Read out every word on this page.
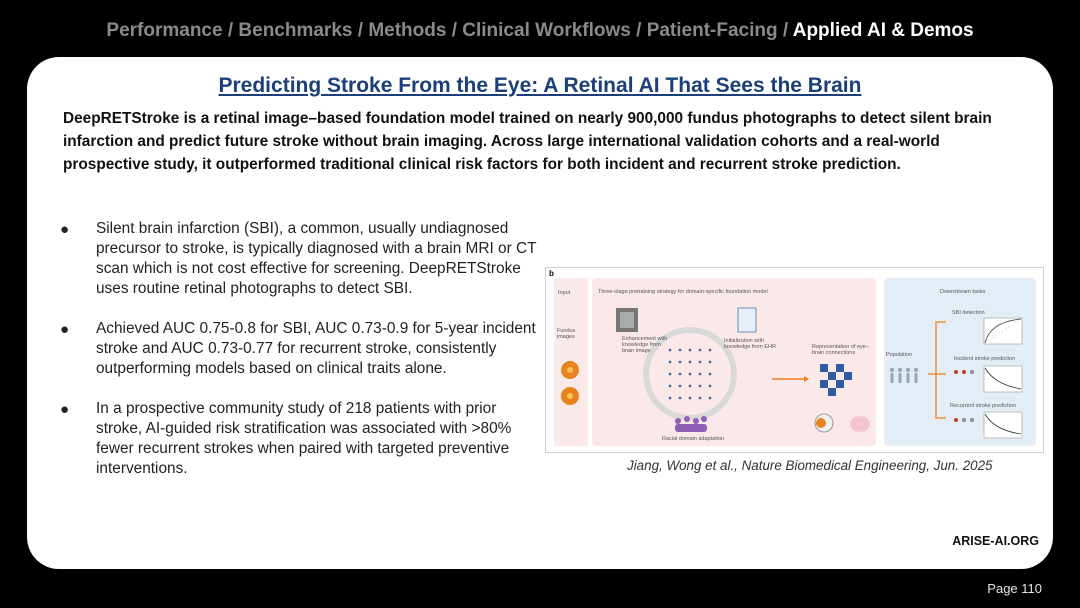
Performance / Benchmarks / Methods / Clinical Workflows / Patient-Facing / Applied AI & Demos
Predicting Stroke From the Eye: A Retinal AI That Sees the Brain
DeepRETStroke is a retinal image–based foundation model trained on nearly 900,000 fundus photographs to detect silent brain infarction and predict future stroke without brain imaging. Across large international validation cohorts and a real-world prospective study, it outperformed traditional clinical risk factors for both incident and recurrent stroke prediction.
● Silent brain infarction (SBI), a common, usually undiagnosed precursor to stroke, is typically diagnosed with a brain MRI or CT scan which is not cost effective for screening. DeepRETStroke uses routine retinal photographs to detect SBI.
● Achieved AUC 0.75-0.8 for SBI, AUC 0.73-0.9 for 5-year incident stroke and AUC 0.73-0.77 for recurrent stroke, consistently outperforming models based on clinical traits alone.
● In a prospective community study of 218 patients with prior stroke, AI-guided risk stratification was associated with >80% fewer recurrent strokes when paired with targeted preventive interventions.
b
Input
Fundus images
Three-stage pretraining strategy for domain-specific foundation model
Enhancement with knowledge from brain image
Initialization with knowledge from EHR	Representation of eye–brain connections
Racial domain adaptation
Downstream tasks
Population
SBI detection
Incident stroke prediction
Recurrent stroke prediction
Jiang, Wong et al., Nature Biomedical Engineering, Jun. 2025
ARISE-AI.ORG
Page 110
